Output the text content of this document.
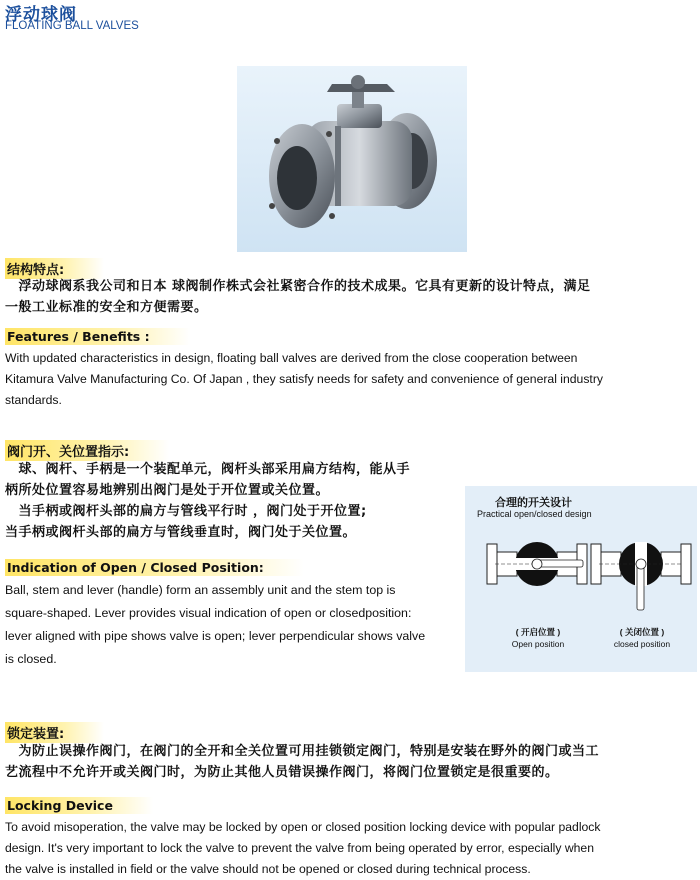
浮动球阀
FLOATING BALL VALVES
结构特点:
　浮动球阀系我公司和日本 球阀制作株式会社紧密合作的技术成果。它具有更新的设计特点，满足
一般工业标准的安全和方便需要。
Features / Benefits :
With updated characteristics in design, floating ball valves are derived from the close cooperation between
Kitamura Valve Manufacturing Co. Of Japan , they satisfy needs for safety and convenience of general industry
standards.
阀门开、关位置指示:
　球、阀杆、手柄是一个装配单元，阀杆头部采用扁方结构，能从手
柄所处位置容易地辨别出阀门是处于开位置或关位置。
　当手柄或阀杆头部的扁方与管线平行时 ，阀门处于开位置;
当手柄或阀杆头部的扁方与管线垂直时，阀门处于关位置。
Indication of Open / Closed Position:
Ball, stem and lever (handle) form an assembly unit and the stem top is
square-shaped. Lever provides visual indication of open or closedposition:
lever aligned with pipe shows valve is open; lever perpendicular shows valve
is closed.
合理的开关设计
Practical open/closed design
( 开启位置 )
Open position
( 关闭位置 )
closed position
锁定装置:
　为防止误操作阀门，在阀门的全开和全关位置可用挂锁锁定阀门，特别是安装在野外的阀门或当工
艺流程中不允许开或关阀门时，为防止其他人员错误操作阀门，将阀门位置锁定是很重要的。
Locking Device
To avoid misoperation, the valve may be locked by open or closed position locking device with popular padlock
design. It's very important to lock the valve to prevent the valve from being operated by error, especially when
the valve is installed in field or the valve should not be opened or closed during technical process.
